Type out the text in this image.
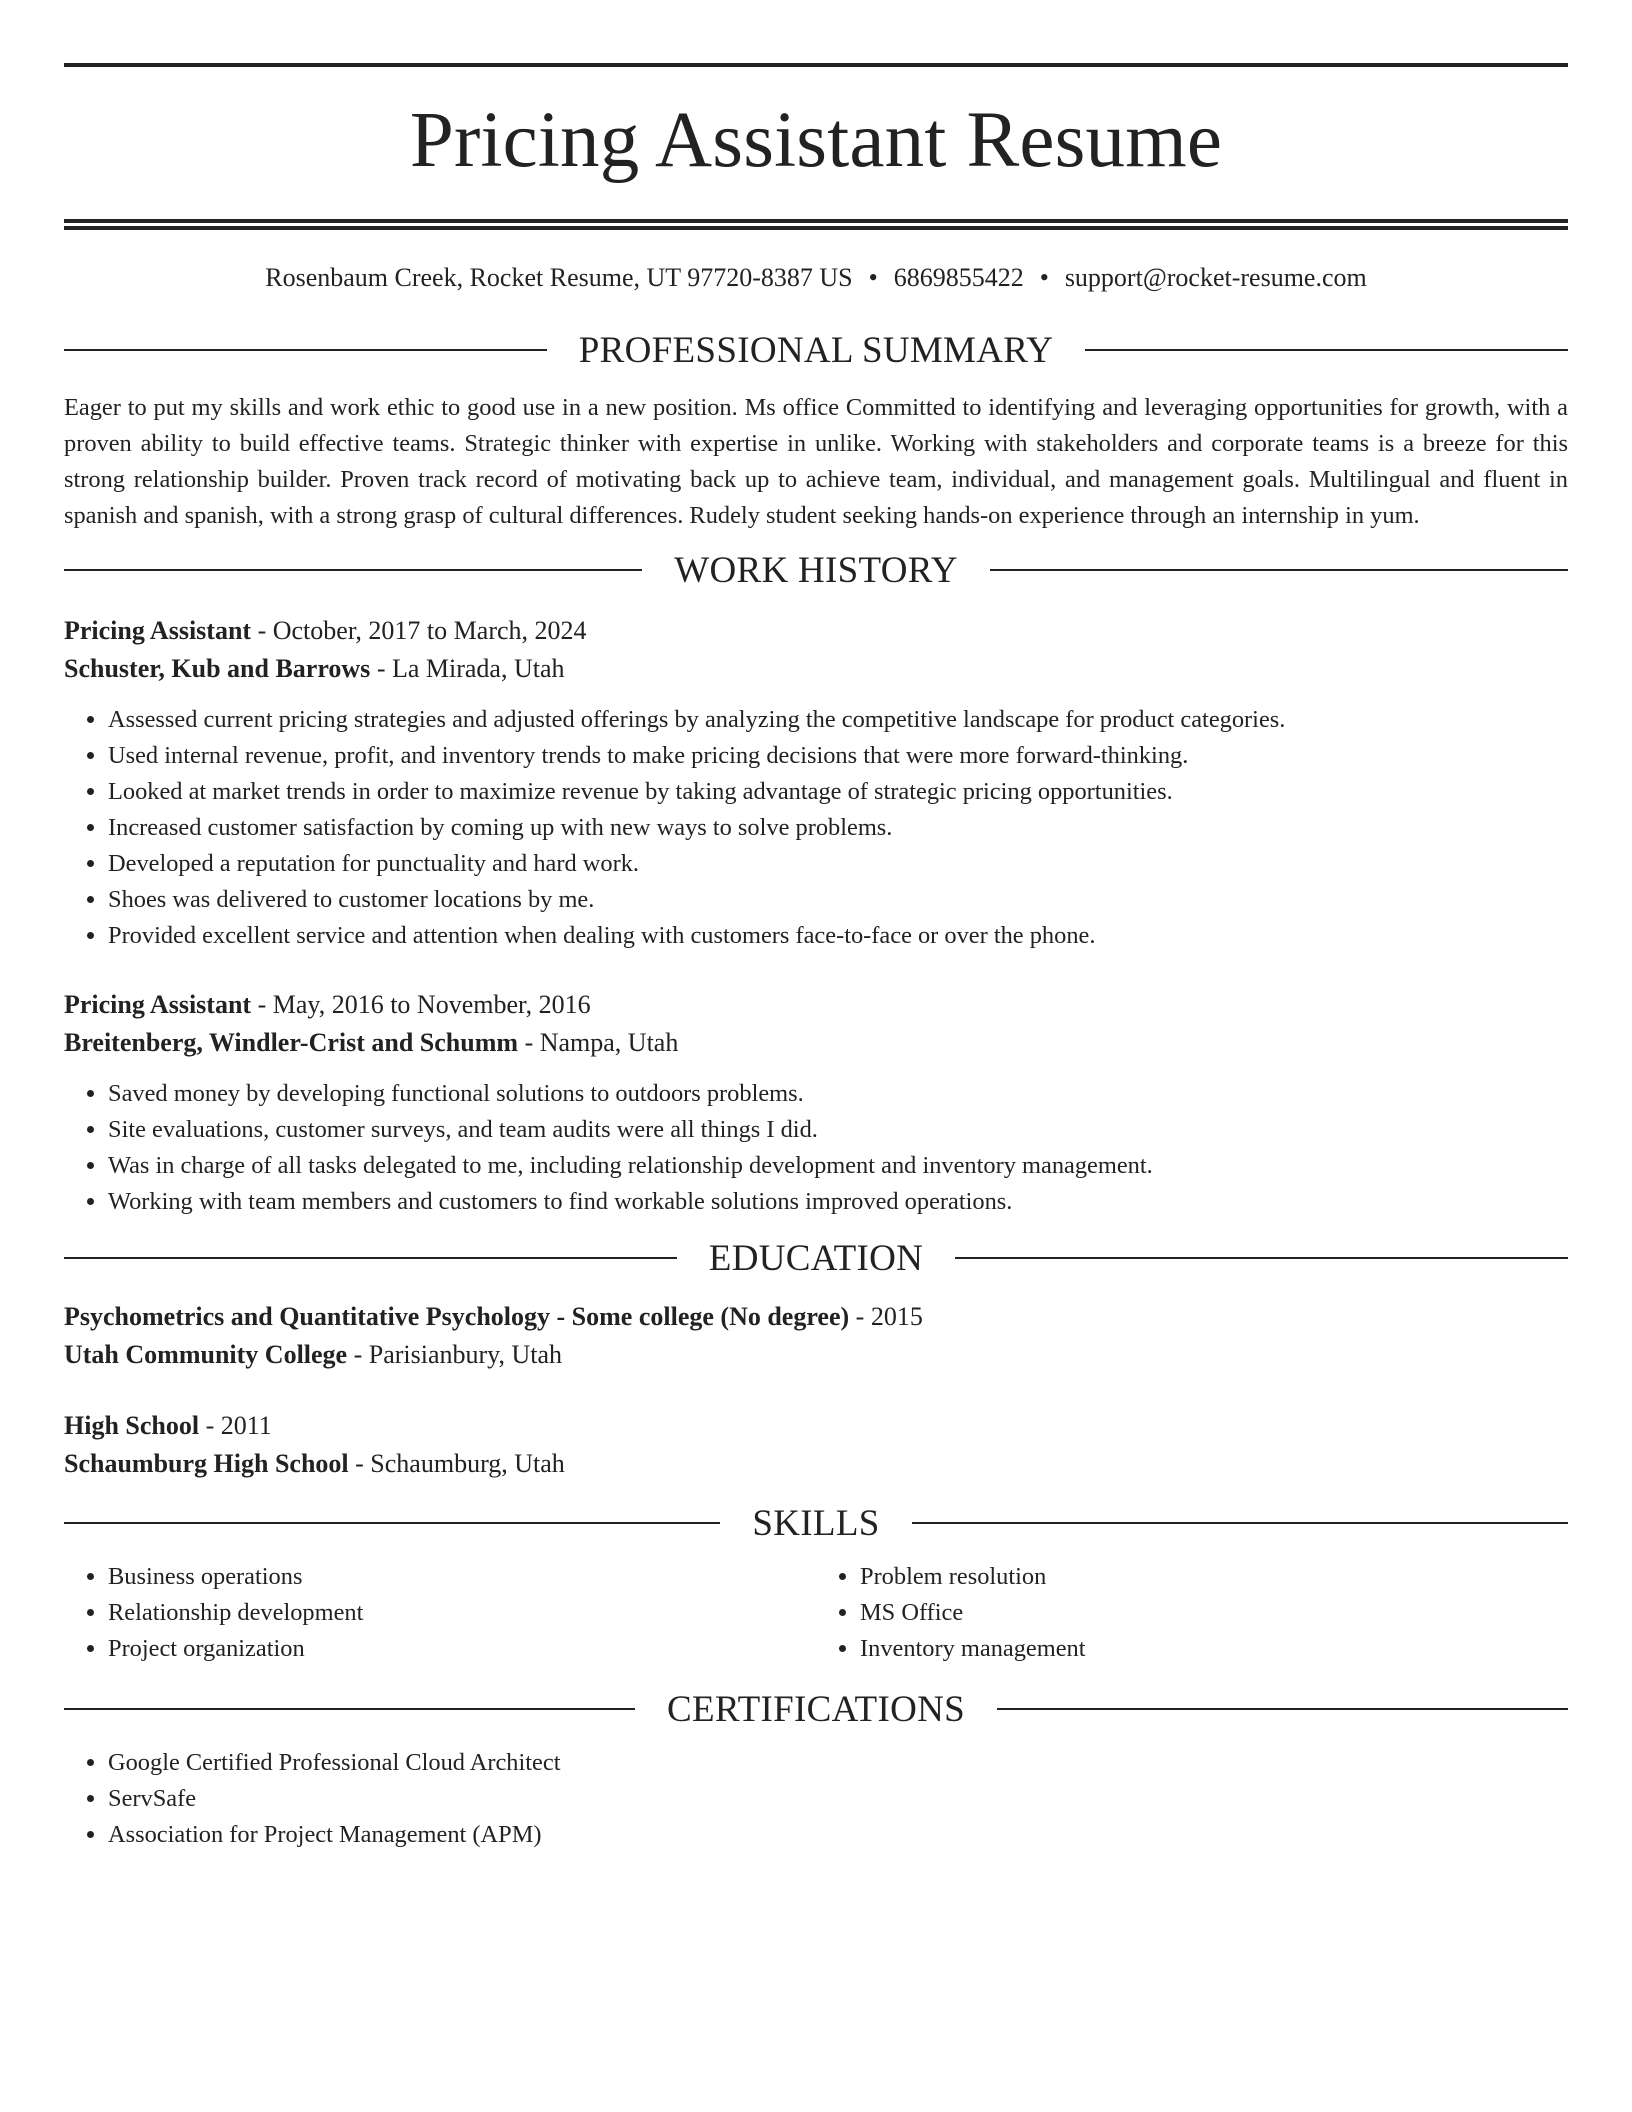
Pricing Assistant Resume
Rosenbaum Creek, Rocket Resume, UT 97720-8387 US • 6869855422 • support@rocket-resume.com
PROFESSIONAL SUMMARY
Eager to put my skills and work ethic to good use in a new position. Ms office Committed to identifying and leveraging opportunities for growth, with a proven ability to build effective teams. Strategic thinker with expertise in unlike. Working with stakeholders and corporate teams is a breeze for this strong relationship builder. Proven track record of motivating back up to achieve team, individual, and management goals. Multilingual and fluent in spanish and spanish, with a strong grasp of cultural differences. Rudely student seeking hands-on experience through an internship in yum.
WORK HISTORY
Pricing Assistant - October, 2017 to March, 2024
Schuster, Kub and Barrows - La Mirada, Utah
• Assessed current pricing strategies and adjusted offerings by analyzing the competitive landscape for product categories.
• Used internal revenue, profit, and inventory trends to make pricing decisions that were more forward-thinking.
• Looked at market trends in order to maximize revenue by taking advantage of strategic pricing opportunities.
• Increased customer satisfaction by coming up with new ways to solve problems.
• Developed a reputation for punctuality and hard work.
• Shoes was delivered to customer locations by me.
• Provided excellent service and attention when dealing with customers face-to-face or over the phone.
Pricing Assistant - May, 2016 to November, 2016
Breitenberg, Windler-Crist and Schumm - Nampa, Utah
• Saved money by developing functional solutions to outdoors problems.
• Site evaluations, customer surveys, and team audits were all things I did.
• Was in charge of all tasks delegated to me, including relationship development and inventory management.
• Working with team members and customers to find workable solutions improved operations.
EDUCATION
Psychometrics and Quantitative Psychology - Some college (No degree) - 2015
Utah Community College - Parisianbury, Utah
High School - 2011
Schaumburg High School - Schaumburg, Utah
SKILLS
• Business operations
• Relationship development
• Project organization
• Problem resolution
• MS Office
• Inventory management
CERTIFICATIONS
• Google Certified Professional Cloud Architect
• ServSafe
• Association for Project Management (APM)
